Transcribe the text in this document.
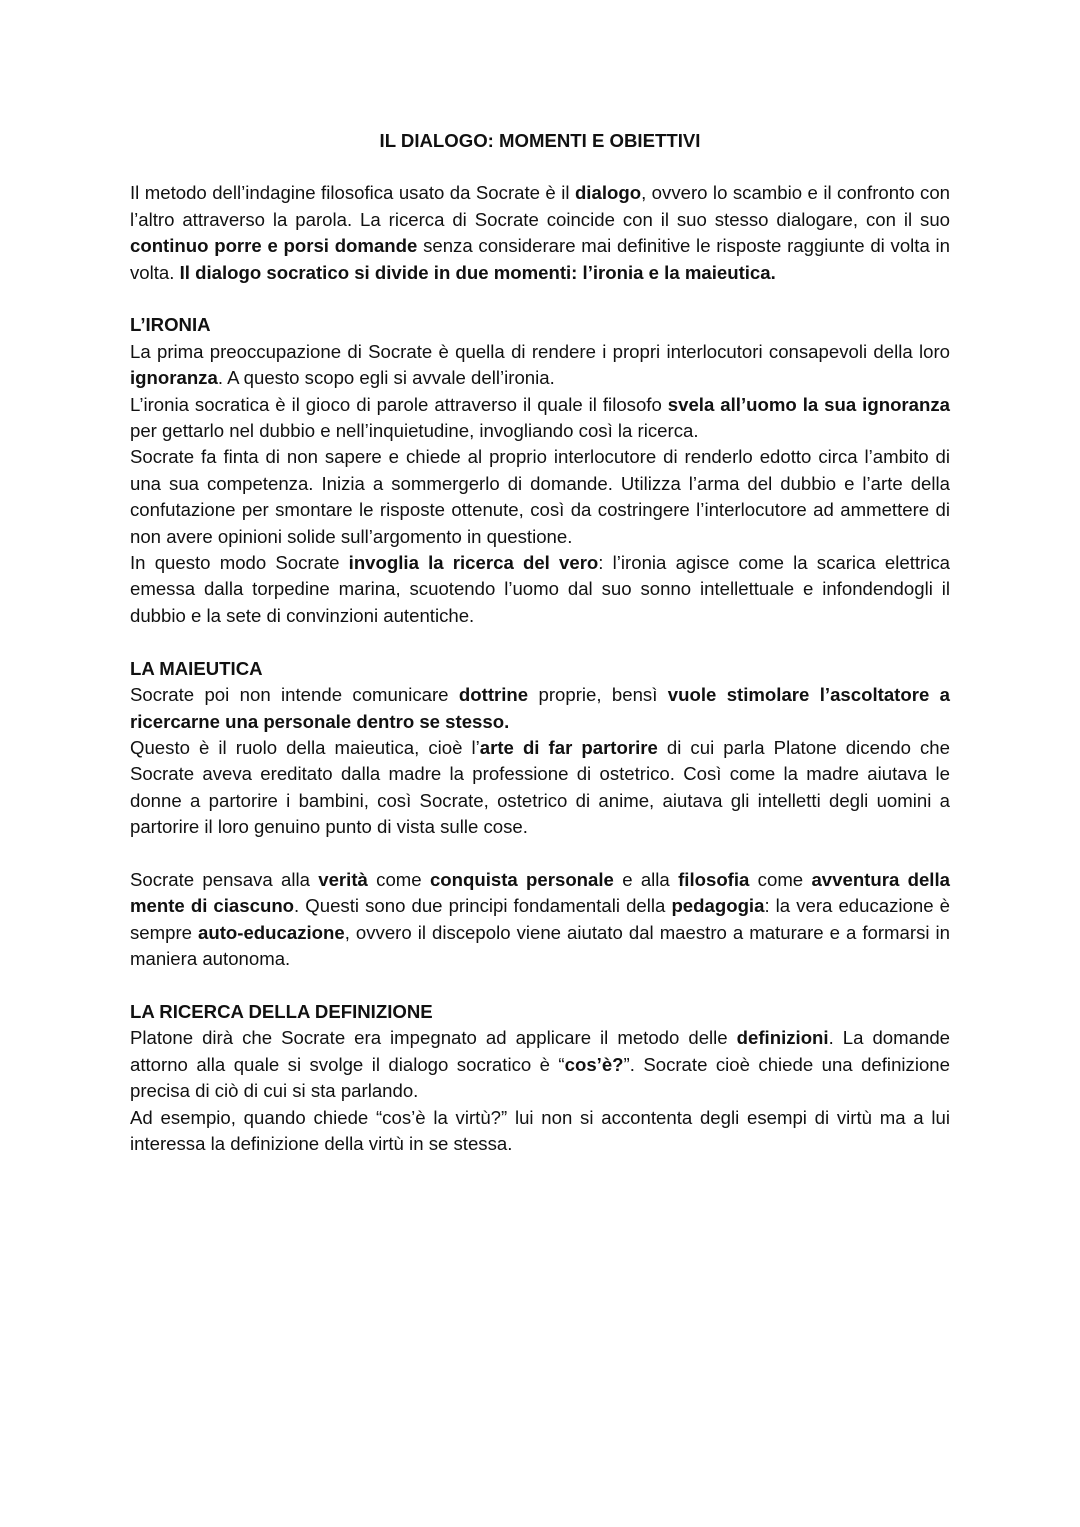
IL DIALOGO: MOMENTI E OBIETTIVI

Il metodo dell’indagine filosofica usato da Socrate è il dialogo, ovvero lo scambio e il confronto con l’altro attraverso la parola. La ricerca di Socrate coincide con il suo stesso dialogare, con il suo continuo porre e porsi domande senza considerare mai definitive le risposte raggiunte di volta in volta. Il dialogo socratico si divide in due momenti: l’ironia e la maieutica.

L’IRONIA

La prima preoccupazione di Socrate è quella di rendere i propri interlocutori consapevoli della loro ignoranza. A questo scopo egli si avvale dell’ironia.

L’ironia socratica è il gioco di parole attraverso il quale il filosofo svela all’uomo la sua ignoranza per gettarlo nel dubbio e nell’inquietudine, invogliando così la ricerca.

Socrate fa finta di non sapere e chiede al proprio interlocutore di renderlo edotto circa l’ambito di una sua competenza. Inizia a sommergerlo di domande. Utilizza l’arma del dubbio e l’arte della confutazione per smontare le risposte ottenute, così da costringere l’interlocutore ad ammettere di non avere opinioni solide sull’argomento in questione.

In questo modo Socrate invoglia la ricerca del vero: l’ironia agisce come la scarica elettrica emessa dalla torpedine marina, scuotendo l’uomo dal suo sonno intellettuale e infondendogli il dubbio e la sete di convinzioni autentiche.

LA MAIEUTICA

Socrate poi non intende comunicare dottrine proprie, bensì vuole stimolare l’ascoltatore a ricercarne una personale dentro se stesso.

Questo è il ruolo della maieutica, cioè l’arte di far partorire di cui parla Platone dicendo che Socrate aveva ereditato dalla madre la professione di ostetrico. Così come la madre aiutava le donne a partorire i bambini, così Socrate, ostetrico di anime, aiutava gli intelletti degli uomini a partorire il loro genuino punto di vista sulle cose.

Socrate pensava alla verità come conquista personale e alla filosofia come avventura della mente di ciascuno. Questi sono due principi fondamentali della pedagogia: la vera educazione è sempre auto-educazione, ovvero il discepolo viene aiutato dal maestro a maturare e a formarsi in maniera autonoma.

LA RICERCA DELLA DEFINIZIONE

Platone dirà che Socrate era impegnato ad applicare il metodo delle definizioni. La domande attorno alla quale si svolge il dialogo socratico è “cos’è?”. Socrate cioè chiede una definizione precisa di ciò di cui si sta parlando.

Ad esempio, quando chiede “cos’è la virtù?” lui non si accontenta degli esempi di virtù ma a lui interessa la definizione della virtù in se stessa.
